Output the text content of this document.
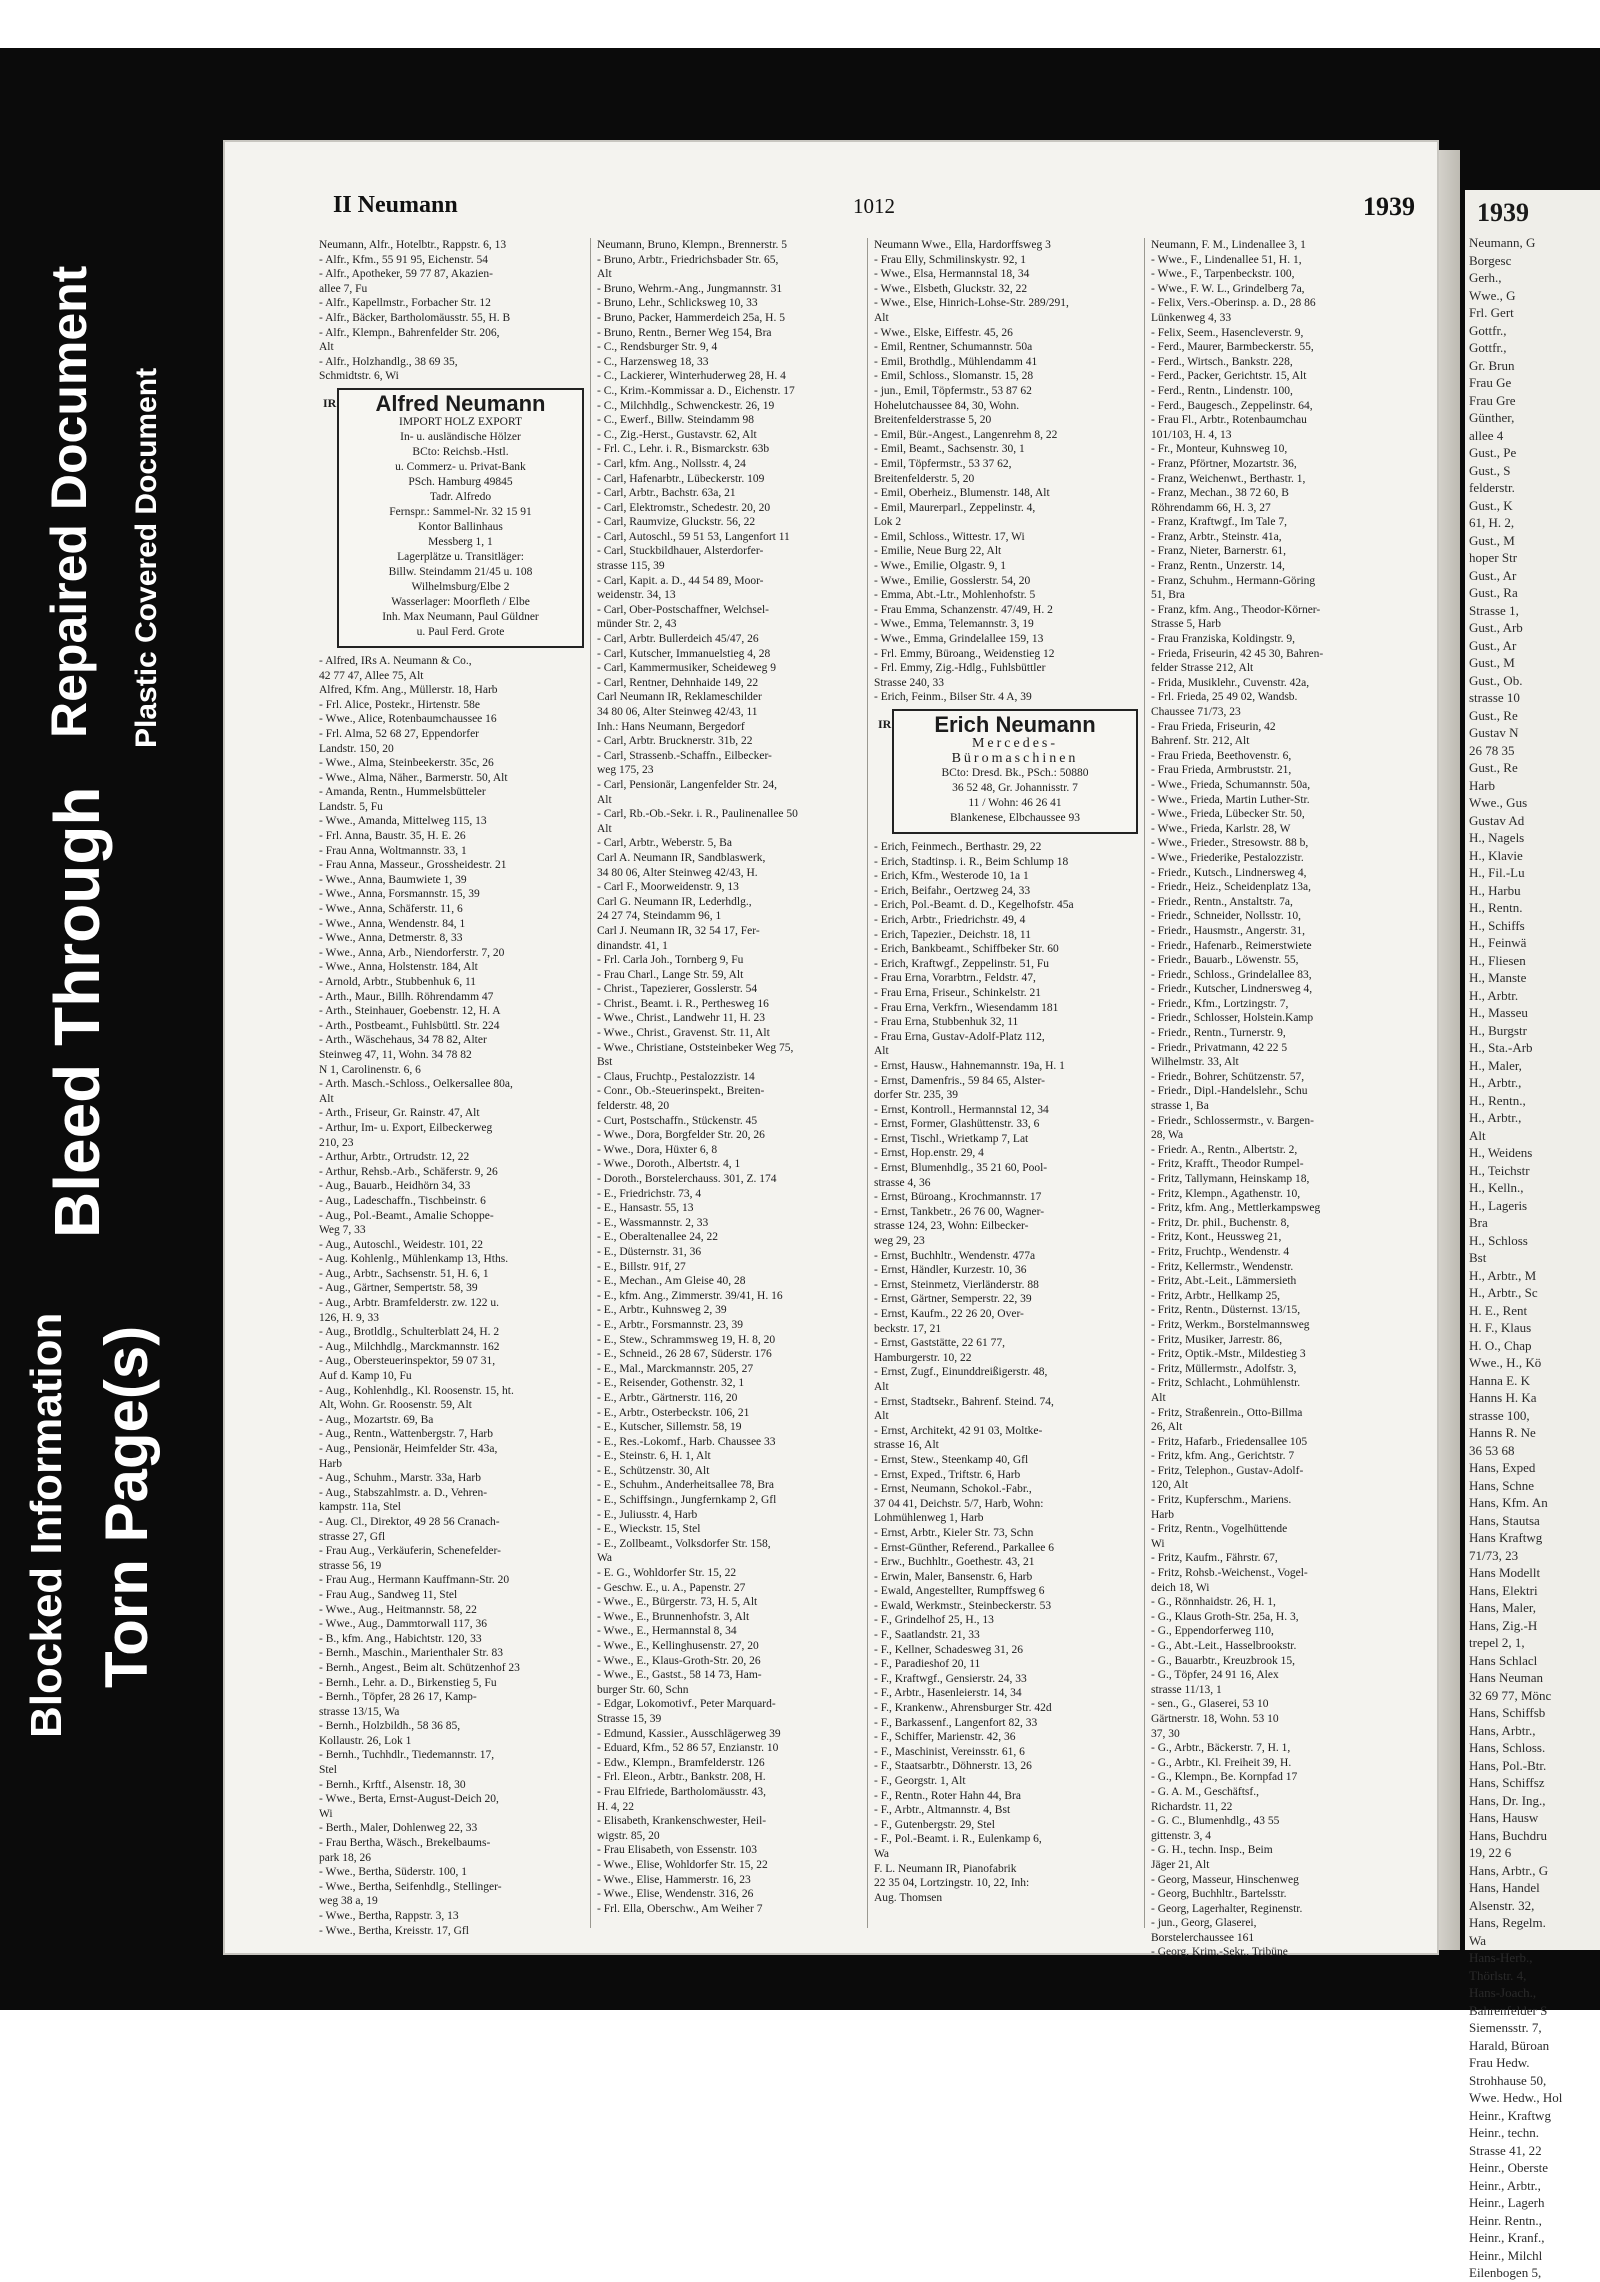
Blocked Information Torn Page(s)
Bleed Through
Repaired Document Plastic Covered Document
1939
Neumann, G
Borgesc
Gerh.,
Wwe., G
Frl. Gert
Gottfr.,
Gottfr.,
Gr. Brun
Frau Ge
Frau Gre
Günther,
allee 4
Gust., Pe
Gust., S
felderstr.
Gust., K
61, H. 2,
Gust., M
hoper Str
Gust., Ar
Gust., Ra
Strasse 1,
Gust., Arb
Gust., Ar
Gust., M
Gust., Ob.
strasse 10
Gust., Re
Gustav N
26 78 35
Gust., Re
Harb
Wwe., Gus
Gustav Ad
H., Nagels
H., Klavie
H., Fil.-Lu
H., Harbu
H., Rentn.
H., Schiffs
H., Feinwä
H., Fliesen
H., Manste
H., Arbtr.
H., Masseu
H., Burgstr
H., Sta.-Arb
H., Maler,
H., Arbtr.,
H., Rentn.,
H., Arbtr.,
Alt
H., Weidens
H., Teichstr
H., Kelln.,
H., Lageris
Bra
H., Schloss
Bst
H., Arbtr., M
H., Arbtr., Sc
H. E., Rent
H. F., Klaus
H. O., Chap
Wwe., H., Kö
Hanna E. K
Hanns H. Ka
strasse 100,
Hanns R. Ne
36 53 68
Hans, Exped
Hans, Schne
Hans, Kfm. An
Hans, Stautsa
Hans Kraftwg
71/73, 23
Hans Modellt
Hans, Elektri
Hans, Maler,
Hans, Zig.-H
trepel 2, 1,
Hans Schlacl
Hans Neuman
32 69 77, Mönc
Hans, Schiffsb
Hans, Arbtr.,
Hans, Schloss.
Hans, Pol.-Btr.
Hans, Schiffsz
Hans, Dr. Ing.,
Hans, Hausw
Hans, Buchdru
19, 22 6
Hans, Arbtr., G
Hans, Handel
Alsenstr. 32,
Hans, Regelm.
Wa
Hans-Herb.,
Thörlstr. 4,
Hans-Joach.,
Bahrenfelder S
Siemensstr. 7,
Harald, Büroan
Frau Hedw.
Strohhause 50,
Wwe. Hedw., Hol
Heinr., Kraftwg
Heinr., techn.
Strasse 41, 22
Heinr., Oberste
Heinr., Arbtr.,
Heinr., Lagerh
Heinr. Rentn.,
Heinr., Kranf.,
Heinr., Milchl
Eilenbogen 5,
II Neumann	1012	1939
Neumann, Alfr., Hotelbtr., Rappstr. 6, 13
- Alfr., Kfm., 55 91 95, Eichenstr. 54
- Alfr., Apotheker, 59 77 87, Akazien-
allee 7, Fu
- Alfr., Kapellmstr., Forbacher Str. 12
- Alfr., Bäcker, Bartholomäusstr. 55, H. B
- Alfr., Klempn., Bahrenfelder Str. 206,
Alt
- Alfr., Holzhandlg., 38 69 35,
Schmidtstr. 6, Wi
IR	Alfred Neumann
IMPORT HOLZ EXPORT
In- u. ausländische Hölzer
BCto: Reichsb.-Hstl.
u. Commerz- u. Privat-Bank
PSch. Hamburg 49845
Tadr. Alfredo
Fernspr.: Sammel-Nr. 32 15 91
Kontor Ballinhaus
Messberg 1, 1
Lagerplätze u. Transitläger:
Billw. Steindamm 21/45 u. 108
Wilhelmsburg/Elbe 2
Wasserlager: Moorfleth / Elbe
Inh. Max Neumann, Paul Güldner
u. Paul Ferd. Grote
- Alfred, IRs A. Neumann & Co.,
42 77 47, Allee 75, Alt
Alfred, Kfm. Ang., Müllerstr. 18, Harb
- Frl. Alice, Postekr., Hirtenstr. 58e
- Wwe., Alice, Rotenbaumchaussee 16
- Frl. Alma, 52 68 27, Eppendorfer
Landstr. 150, 20
- Wwe., Alma, Steinbeekerstr. 35c, 26
- Wwe., Alma, Näher., Barmerstr. 50, Alt
- Amanda, Rentn., Hummelsbütteler
Landstr. 5, Fu
- Wwe., Amanda, Mittelweg 115, 13
- Frl. Anna, Baustr. 35, H. E. 26
- Frau Anna, Woltmannstr. 33, 1
- Frau Anna, Masseur., Grossheidestr. 21
- Wwe., Anna, Baumwiete 1, 39
- Wwe., Anna, Forsmannstr. 15, 39
- Wwe., Anna, Schäferstr. 11, 6
- Wwe., Anna, Wendenstr. 84, 1
- Wwe., Anna, Detmerstr. 8, 33
- Wwe., Anna, Arb., Niendorferstr. 7, 20
- Wwe., Anna, Holstenstr. 184, Alt
- Arnold, Arbtr., Stubbenhuk 6, 11
- Arth., Maur., Billh. Röhrendamm 47
- Arth., Steinhauer, Goebenstr. 12, H. A
- Arth., Postbeamt., Fuhlsbüttl. Str. 224
- Arth., Wäschehaus, 34 78 82, Alter
Steinweg 47, 11, Wohn. 34 78 82
N 1, Carolinenstr. 6, 6
- Arth. Masch.-Schloss., Oelkersallee 80a,
Alt
- Arth., Friseur, Gr. Rainstr. 47, Alt
- Arthur, Im- u. Export, Eilbeckerweg
210, 23
- Arthur, Arbtr., Ortrudstr. 12, 22
- Arthur, Rehsb.-Arb., Schäferstr. 9, 26
- Aug., Bauarb., Heidhörn 34, 33
- Aug., Ladeschaffn., Tischbeinstr. 6
- Aug., Pol.-Beamt., Amalie Schoppe-
Weg 7, 33
- Aug., Autoschl., Weidestr. 101, 22
- Aug. Kohlenlg., Mühlenkamp 13, Hths.
- Aug., Arbtr., Sachsenstr. 51, H. 6, 1
- Aug., Gärtner, Sempertstr. 58, 39
- Aug., Arbtr. Bramfelderstr. zw. 122 u.
126, H. 9, 33
- Aug., Brotldlg., Schulterblatt 24, H. 2
- Aug., Milchhdlg., Marckmannstr. 162
- Aug., Obersteuerinspektor, 59 07 31,
Auf d. Kamp 10, Fu
- Aug., Kohlenhdlg., Kl. Roosenstr. 15, ht.
Alt, Wohn. Gr. Roosenstr. 59, Alt
- Aug., Mozartstr. 69, Ba
- Aug., Rentn., Wattenbergstr. 7, Harb
- Aug., Pensionär, Heimfelder Str. 43a,
Harb
- Aug., Schuhm., Marstr. 33a, Harb
- Aug., Stabszahlmstr. a. D., Vehren-
kampstr. 11a, Stel
- Aug. Cl., Direktor, 49 28 56 Cranach-
strasse 27, Gfl
- Frau Aug., Verkäuferin, Schenefelder-
strasse 56, 19
- Frau Aug., Hermann Kauffmann-Str. 20
- Frau Aug., Sandweg 11, Stel
- Wwe., Aug., Heitmannstr. 58, 22
- Wwe., Aug., Dammtorwall 117, 36
- B., kfm. Ang., Habichtstr. 120, 33
- Bernh., Maschin., Marienthaler Str. 83
- Bernh., Angest., Beim alt. Schützenhof 23
- Bernh., Lehr. a. D., Birkenstieg 5, Fu
- Bernh., Töpfer, 28 26 17, Kamp-
strasse 13/15, Wa
- Bernh., Holzbildh., 58 36 85,
Kollaustr. 26, Lok 1
- Bernh., Tuchhdlr., Tiedemannstr. 17,
Stel
- Bernh., Krftf., Alsenstr. 18, 30
- Wwe., Berta, Ernst-August-Deich 20,
Wi
- Berth., Maler, Dohlenweg 22, 33
- Frau Bertha, Wäsch., Brekelbaums-
park 18, 26
- Wwe., Bertha, Süderstr. 100, 1
- Wwe., Bertha, Seifenhdlg., Stellinger-
weg 38 a, 19
- Wwe., Bertha, Rappstr. 3, 13
- Wwe., Bertha, Kreisstr. 17, Gfl
Neumann, Bruno, Klempn., Brennerstr. 5
- Bruno, Arbtr., Friedrichsbader Str. 65,
Alt
- Bruno, Wehrm.-Ang., Jungmannstr. 31
- Bruno, Lehr., Schlicksweg 10, 33
- Bruno, Packer, Hammerdeich 25a, H. 5
- Bruno, Rentn., Berner Weg 154, Bra
- C., Rendsburger Str. 9, 4
- C., Harzensweg 18, 33
- C., Lackierer, Winterhuderweg 28, H. 4
- C., Krim.-Kommissar a. D., Eichenstr. 17
- C., Milchhdlg., Schwenckestr. 26, 19
- C., Ewerf., Billw. Steindamm 98
- C., Zig.-Herst., Gustavstr. 62, Alt
- Frl. C., Lehr. i. R., Bismarckstr. 63b
- Carl, kfm. Ang., Nollsstr. 4, 24
- Carl, Hafenarbtr., Lübeckerstr. 109
- Carl, Arbtr., Bachstr. 63a, 21
- Carl, Elektromstr., Schedestr. 20, 20
- Carl, Raumvize, Gluckstr. 56, 22
- Carl, Autoschl., 59 51 53, Langenfort 11
- Carl, Stuckbildhauer, Alsterdorfer-
strasse 115, 39
- Carl, Kapit. a. D., 44 54 89, Moor-
weidenstr. 34, 13
- Carl, Ober-Postschaffner, Welchsel-
münder Str. 2, 43
- Carl, Arbtr. Bullerdeich 45/47, 26
- Carl, Kutscher, Immanuelstieg 4, 28
- Carl, Kammermusiker, Scheideweg 9
- Carl, Rentner, Dehnhaide 149, 22
Carl Neumann IR, Reklameschilder
34 80 06, Alter Steinweg 42/43, 11
Inh.: Hans Neumann, Bergedorf
- Carl, Arbtr. Brucknerstr. 31b, 22
- Carl, Strassenb.-Schaffn., Eilbecker-
weg 175, 23
- Carl, Pensionär, Langenfelder Str. 24,
Alt
- Carl, Rb.-Ob.-Sekr. i. R., Paulinenallee 50
Alt
- Carl, Arbtr., Weberstr. 5, Ba
Carl A. Neumann IR, Sandblaswerk,
34 80 06, Alter Steinweg 42/43, H.
- Carl F., Moorweidenstr. 9, 13
Carl G. Neumann IR, Lederhdlg.,
24 27 74, Steindamm 96, 1
Carl J. Neumann IR, 32 54 17, Fer-
dinandstr. 41, 1
- Frl. Carla Joh., Tornberg 9, Fu
- Frau Charl., Lange Str. 59, Alt
- Christ., Tapezierer, Gosslerstr. 54
- Christ., Beamt. i. R., Perthesweg 16
- Wwe., Christ., Landwehr 11, H. 23
- Wwe., Christ., Gravenst. Str. 11, Alt
- Wwe., Christiane, Oststeinbeker Weg 75,
Bst
- Claus, Fruchtp., Pestalozzistr. 14
- Conr., Ob.-Steuerinspekt., Breiten-
felderstr. 48, 20
- Curt, Postschaffn., Stückenstr. 45
- Wwe., Dora, Borgfelder Str. 20, 26
- Wwe., Dora, Hüxter 6, 8
- Wwe., Doroth., Albertstr. 4, 1
- Doroth., Borstelerchauss. 301, Z. 174
- E., Friedrichstr. 73, 4
- E., Hansastr. 55, 13
- E., Wassmannstr. 2, 33
- E., Oberaltenallee 24, 22
- E., Düsternstr. 31, 36
- E., Billstr. 91f, 27
- E., Mechan., Am Gleise 40, 28
- E., kfm. Ang., Zimmerstr. 39/41, H. 16
- E., Arbtr., Kuhnsweg 2, 39
- E., Arbtr., Forsmannstr. 23, 39
- E., Stew., Schrammsweg 19, H. 8, 20
- E., Schneid., 26 28 67, Süderstr. 176
- E., Mal., Marckmannstr. 205, 27
- E., Reisender, Gothenstr. 32, 1
- E., Arbtr., Gärtnerstr. 116, 20
- E., Arbtr., Osterbeckstr. 106, 21
- E., Kutscher, Sillemstr. 58, 19
- E., Res.-Lokomf., Harb. Chaussee 33
- E., Steinstr. 6, H. 1, Alt
- E., Schützenstr. 30, Alt
- E., Schuhm., Anderheitsallee 78, Bra
- E., Schiffsingn., Jungfernkamp 2, Gfl
- E., Juliusstr. 4, Harb
- E., Wieckstr. 15, Stel
- E., Zollbeamt., Volksdorfer Str. 158,
Wa
- E. G., Wohldorfer Str. 15, 22
- Geschw. E., u. A., Papenstr. 27
- Wwe., E., Bürgerstr. 73, H. 5, Alt
- Wwe., E., Brunnenhofstr. 3, Alt
- Wwe., E., Hermannstal 8, 34
- Wwe., E., Kellinghusenstr. 27, 20
- Wwe., E., Klaus-Groth-Str. 20, 26
- Wwe., E., Gastst., 58 14 73, Ham-
burger Str. 60, Schn
- Edgar, Lokomotivf., Peter Marquard-
Strasse 15, 39
- Edmund, Kassier., Ausschlägerweg 39
- Eduard, Kfm., 52 86 57, Enzianstr. 10
- Edw., Klempn., Bramfelderstr. 126
- Frl. Eleon., Arbtr., Bankstr. 208, H.
- Frau Elfriede, Bartholomäusstr. 43,
H. 4, 22
- Elisabeth, Krankenschwester, Heil-
wigstr. 85, 20
- Frau Elisabeth, von Essenstr. 103
- Wwe., Elise, Wohldorfer Str. 15, 22
- Wwe., Elise, Hammerstr. 16, 23
- Wwe., Elise, Wendenstr. 316, 26
- Frl. Ella, Oberschw., Am Weiher 7
Neumann Wwe., Ella, Hardorffsweg 3
- Frau Elly, Schmilinskystr. 92, 1
- Wwe., Elsa, Hermannstal 18, 34
- Wwe., Elsbeth, Gluckstr. 32, 22
- Wwe., Else, Hinrich-Lohse-Str. 289/291,
Alt
- Wwe., Elske, Eiffestr. 45, 26
- Emil, Rentner, Schumannstr. 50a
- Emil, Brothdlg., Mühlendamm 41
- Emil, Schloss., Slomanstr. 15, 28
- jun., Emil, Töpfermstr., 53 87 62
Hohelutchaussee 84, 30, Wohn.
Breitenfelderstrasse 5, 20
- Emil, Bür.-Angest., Langenrehm 8, 22
- Emil, Beamt., Sachsenstr. 30, 1
- Emil, Töpfermstr., 53 37 62,
Breitenfelderstr. 5, 20
- Emil, Oberheiz., Blumenstr. 148, Alt
- Emil, Maurerparl., Zeppelinstr. 4,
Lok 2
- Emil, Schloss., Wittestr. 17, Wi
- Emilie, Neue Burg 22, Alt
- Wwe., Emilie, Olgastr. 9, 1
- Wwe., Emilie, Gosslerstr. 54, 20
- Emma, Abt.-Ltr., Mohlenhofstr. 5
- Frau Emma, Schanzenstr. 47/49, H. 2
- Wwe., Emma, Telemannstr. 3, 19
- Wwe., Emma, Grindelallee 159, 13
- Frl. Emmy, Büroang., Weidenstieg 12
- Frl. Emmy, Zig.-Hdlg., Fuhlsbüttler
Strasse 240, 33
- Erich, Feinm., Bilser Str. 4 A, 39
IR	Erich Neumann
Mercedes-
Büromaschinen
BCto: Dresd. Bk., PSch.: 50880
36 52 48, Gr. Johannisstr. 7
11 / Wohn: 46 26 41
Blankenese, Elbchaussee 93
- Erich, Feinmech., Berthastr. 29, 22
- Erich, Stadtinsp. i. R., Beim Schlump 18
- Erich, Kfm., Westerode 10, 1a 1
- Erich, Beifahr., Oertzweg 24, 33
- Erich, Pol.-Beamt. d. D., Kegelhofstr. 45a
- Erich, Arbtr., Friedrichstr. 49, 4
- Erich, Tapezier., Deichstr. 18, 11
- Erich, Bankbeamt., Schiffbeker Str. 60
- Erich, Kraftwgf., Zeppelinstr. 51, Fu
- Frau Erna, Vorarbtrn., Feldstr. 47,
- Frau Erna, Friseur., Schinkelstr. 21
- Frau Erna, Verkfrn., Wiesendamm 181
- Frau Erna, Stubbenhuk 32, 11
- Frau Erna, Gustav-Adolf-Platz 112,
Alt
- Ernst, Hausw., Hahnemannstr. 19a, H. 1
- Ernst, Damenfris., 59 84 65, Alster-
dorfer Str. 235, 39
- Ernst, Kontroll., Hermannstal 12, 34
- Ernst, Former, Glashüttenstr. 33, 6
- Ernst, Tischl., Wrietkamp 7, Lat
- Ernst, Hop.enstr. 29, 4
- Ernst, Blumenhdlg., 35 21 60, Pool-
strasse 4, 36
- Ernst, Büroang., Krochmannstr. 17
- Ernst, Tankbetr., 26 76 00, Wagner-
strasse 124, 23, Wohn: Eilbecker-
weg 29, 23
- Ernst, Buchhltr., Wendenstr. 477a
- Ernst, Händler, Kurzestr. 10, 36
- Ernst, Steinmetz, Vierländerstr. 88
- Ernst, Gärtner, Semperstr. 22, 39
- Ernst, Kaufm., 22 26 20, Over-
beckstr. 17, 21
- Ernst, Gaststätte, 22 61 77,
Hamburgerstr. 10, 22
- Ernst, Zugf., Einunddreißigerstr. 48,
Alt
- Ernst, Stadtsekr., Bahrenf. Steind. 74,
Alt
- Ernst, Architekt, 42 91 03, Moltke-
strasse 16, Alt
- Ernst, Stew., Steenkamp 40, Gfl
- Ernst, Exped., Triftstr. 6, Harb
- Ernst, Neumann, Schokol.-Fabr.,
37 04 41, Deichstr. 5/7, Harb, Wohn:
Lohmühlenweg 1, Harb
- Ernst, Arbtr., Kieler Str. 73, Schn
- Ernst-Günther, Referend., Parkallee 6
- Erw., Buchhltr., Goethestr. 43, 21
- Erwin, Maler, Bansenstr. 6, Harb
- Ewald, Angestellter, Rumpffsweg 6
- Ewald, Werkmstr., Steinbeckerstr. 53
- F., Grindelhof 25, H., 13
- F., Saatlandstr. 21, 33
- F., Kellner, Schadesweg 31, 26
- F., Paradieshof 20, 11
- F., Kraftwgf., Gensierstr. 24, 33
- F., Arbtr., Hasenleierstr. 14, 34
- F., Krankenw., Ahrensburger Str. 42d
- F., Barkassenf., Langenfort 82, 33
- F., Schiffer, Marienstr. 42, 36
- F., Maschinist, Vereinsstr. 61, 6
- F., Staatsarbtr., Döhnerstr. 13, 26
- F., Georgstr. 1, Alt
- F., Rentn., Roter Hahn 44, Bra
- F., Arbtr., Altmannstr. 4, Bst
- F., Gutenbergstr. 29, Stel
- F., Pol.-Beamt. i. R., Eulenkamp 6,
Wa
F. L. Neumann IR, Pianofabrik
22 35 04, Lortzingstr. 10, 22, Inh:
Aug. Thomsen
Neumann, F. M., Lindenallee 3, 1
- Wwe., F., Lindenallee 51, H. 1,
- Wwe., F., Tarpenbeckstr. 100,
- Wwe., F. W. L., Grindelberg 7a,
- Felix, Vers.-Oberinsp. a. D., 28 86
Lünkenweg 4, 33
- Felix, Seem., Hasencleverstr. 9,
- Ferd., Maurer, Barmbeckerstr. 55,
- Ferd., Wirtsch., Bankstr. 228,
- Ferd., Packer, Gerichtstr. 15, Alt
- Ferd., Rentn., Lindenstr. 100,
- Ferd., Baugesch., Zeppelinstr. 64,
- Frau Fl., Arbtr., Rotenbaumchau
101/103, H. 4, 13
- Fr., Monteur, Kuhnsweg 10,
- Franz, Pförtner, Mozartstr. 36,
- Franz, Weichenwt., Berthastr. 1,
- Franz, Mechan., 38 72 60, B
Röhrendamm 66, H. 3, 27
- Franz, Kraftwgf., Im Tale 7,
- Franz, Arbtr., Steinstr. 41a,
- Franz, Nieter, Barnerstr. 61,
- Franz, Rentn., Unzerstr. 14,
- Franz, Schuhm., Hermann-Göring
51, Bra
- Franz, kfm. Ang., Theodor-Körner-
Strasse 5, Harb
- Frau Franziska, Koldingstr. 9,
- Frieda, Friseurin, 42 45 30, Bahren-
felder Strasse 212, Alt
- Frida, Musiklehr., Cuvenstr. 42a,
- Frl. Frieda, 25 49 02, Wandsb.
Chaussee 71/73, 23
- Frau Frieda, Friseurin, 42
Bahrenf. Str. 212, Alt
- Frau Frieda, Beethovenstr. 6,
- Frau Frieda, Armbruststr. 21,
- Wwe., Frieda, Schumannstr. 50a,
- Wwe., Frieda, Martin Luther-Str.
- Wwe., Frieda, Lübecker Str. 50,
- Wwe., Frieda, Karlstr. 28, W
- Wwe., Frieder., Stresowstr. 88 b,
- Wwe., Friederike, Pestalozzistr.
- Friedr., Kutsch., Lindnersweg 4,
- Friedr., Heiz., Scheidenplatz 13a,
- Friedr., Rentn., Anstaltstr. 7a,
- Friedr., Schneider, Nollsstr. 10,
- Friedr., Hausmstr., Angerstr. 31,
- Friedr., Hafenarb., Reimerstwiete
- Friedr., Bauarb., Löwenstr. 55,
- Friedr., Schloss., Grindelallee 83,
- Friedr., Kutscher, Lindnersweg 4,
- Friedr., Kfm., Lortzingstr. 7,
- Friedr., Schlosser, Holstein.Kamp
- Friedr., Rentn., Turnerstr. 9,
- Friedr., Privatmann, 42 22 5
Wilhelmstr. 33, Alt
- Friedr., Bohrer, Schützenstr. 57,
- Friedr., Dipl.-Handelslehr., Schu
strasse 1, Ba
- Friedr., Schlossermstr., v. Bargen-
28, Wa
- Friedr. A., Rentn., Albertstr. 2,
- Fritz, Krafft., Theodor Rumpel-
- Fritz, Tallymann, Heinskamp 18,
- Fritz, Klempn., Agathenstr. 10,
- Fritz, kfm. Ang., Mettlerkampsweg
- Fritz, Dr. phil., Buchenstr. 8,
- Fritz, Kont., Heussweg 21,
- Fritz, Fruchtp., Wendenstr. 4
- Fritz, Kellermstr., Wendenstr.
- Fritz, Abt.-Leit., Lämmersieth
- Fritz, Arbtr., Hellkamp 25,
- Fritz, Rentn., Düsternst. 13/15,
- Fritz, Werkm., Borstelmannsweg
- Fritz, Musiker, Jarrestr. 86,
- Fritz, Optik.-Mstr., Mildestieg 3
- Fritz, Müllermstr., Adolfstr. 3,
- Fritz, Schlacht., Lohmühlenstr.
Alt
- Fritz, Straßenrein., Otto-Billma
26, Alt
- Fritz, Hafarb., Friedensallee 105
- Fritz, kfm. Ang., Gerichtstr. 7
- Fritz, Telephon., Gustav-Adolf-
120, Alt
- Fritz, Kupferschm., Mariens.
Harb
- Fritz, Rentn., Vogelhüttende
Wi
- Fritz, Kaufm., Fährstr. 67,
- Fritz, Rohsb.-Weichenst., Vogel-
deich 18, Wi
- G., Rönnhaidstr. 26, H. 1,
- G., Klaus Groth-Str. 25a, H. 3,
- G., Eppendorferweg 110,
- G., Abt.-Leit., Hasselbrookstr.
- G., Bauarbtr., Kreuzbrook 15,
- G., Töpfer, 24 91 16, Alex
strasse 11/13, 1
- sen., G., Glaserei, 53 10
Gärtnerstr. 18, Wohn. 53 10
37, 30
- G., Arbtr., Bäckerstr. 7, H. 1,
- G., Arbtr., Kl. Freiheit 39, H.
- G., Klempn., Be. Kornpfad 17
- G. A. M., Geschäftsf.,
Richardstr. 11, 22
- G. C., Blumenhdlg., 43 55
gittenstr. 3, 4
- G. H., techn. Insp., Beim
Jäger 21, Alt
- Georg, Masseur, Hinschenweg
- Georg, Buchhltr., Bartelsstr.
- Georg, Lagerhalter, Reginenstr.
- jun., Georg, Glaserei,
Borstelerchaussee 161
- Georg, Krim.-Sekr., Tribüne
